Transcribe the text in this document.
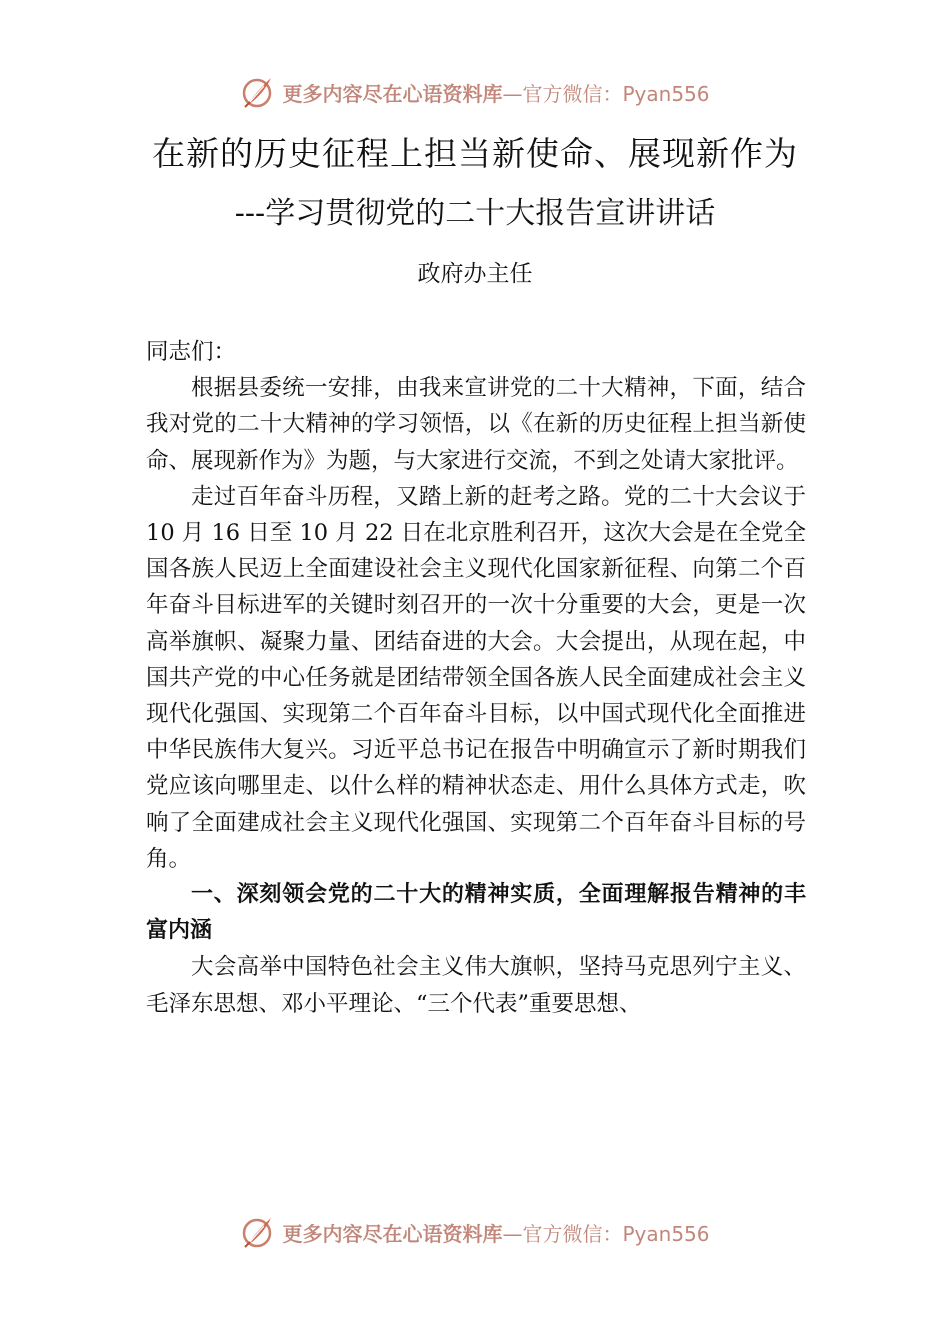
更多内容尽在心语资料库—官方微信：Pyan556
在新的历史征程上担当新使命、展现新作为
---学习贯彻党的二十大报告宣讲讲话
政府办主任

同志们：

根据县委统一安排，由我来宣讲党的二十大精神，下面，结合我对党的二十大精神的学习领悟，以《在新的历史征程上担当新使命、展现新作为》为题，与大家进行交流，不到之处请大家批评。

走过百年奋斗历程，又踏上新的赶考之路。党的二十大会议于 10 月 16 日至 10 月 22 日在北京胜利召开，这次大会是在全党全国各族人民迈上全面建设社会主义现代化国家新征程、向第二个百年奋斗目标进军的关键时刻召开的一次十分重要的大会，更是一次高举旗帜、凝聚力量、团结奋进的大会。大会提出，从现在起，中国共产党的中心任务就是团结带领全国各族人民全面建成社会主义现代化强国、实现第二个百年奋斗目标，以中国式现代化全面推进中华民族伟大复兴。习近平总书记在报告中明确宣示了新时期我们党应该向哪里走、以什么样的精神状态走、用什么具体方式走，吹响了全面建成社会主义现代化强国、实现第二个百年奋斗目标的号角。

一、深刻领会党的二十大的精神实质，全面理解报告精神的丰富内涵

大会高举中国特色社会主义伟大旗帜，坚持马克思列宁主义、毛泽东思想、邓小平理论、“三个代表”重要思想、

更多内容尽在心语资料库—官方微信：Pyan556
